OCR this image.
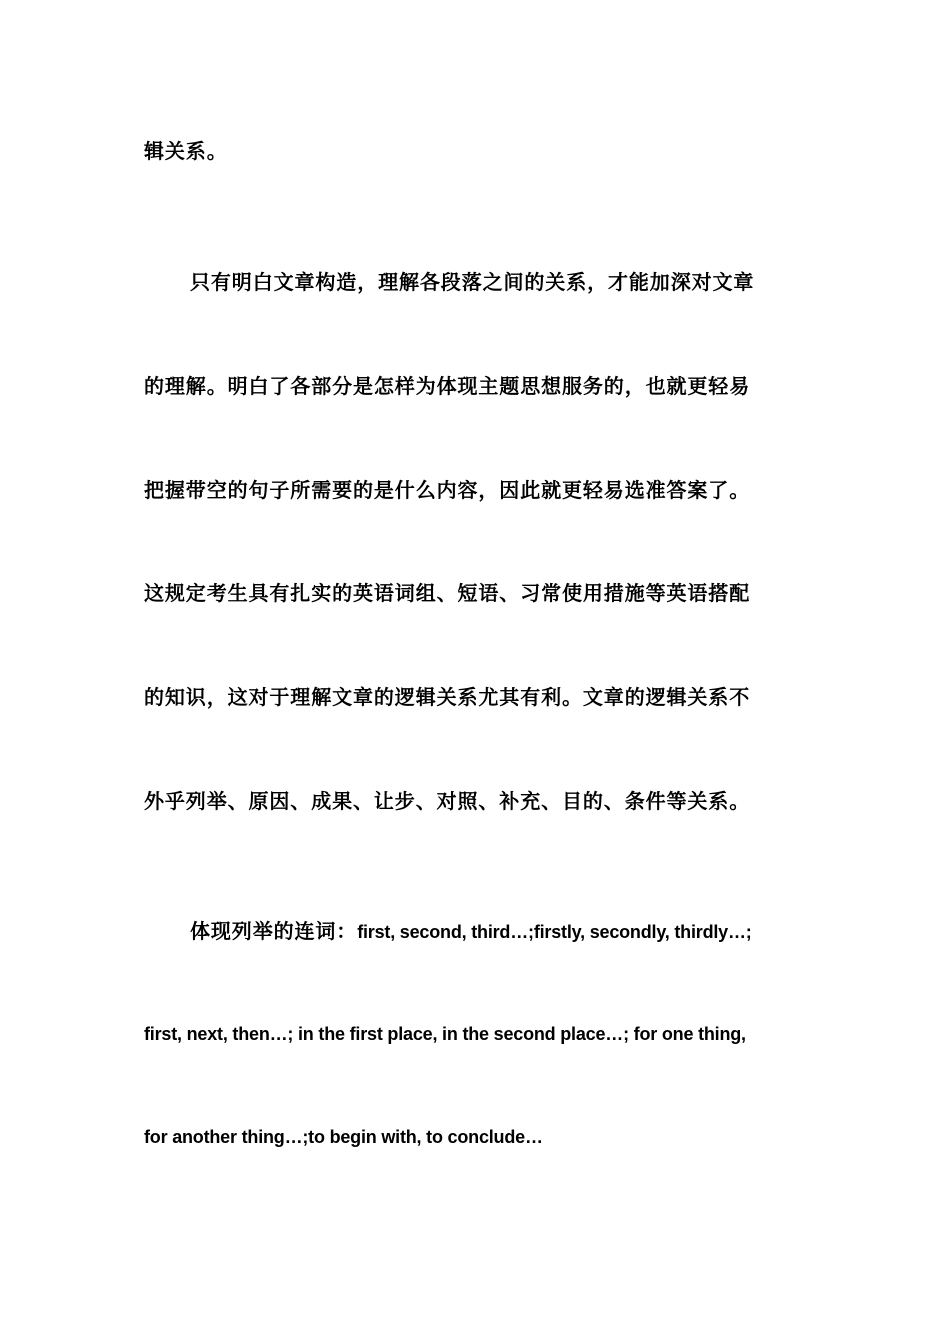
辑关系。
只有明白文章构造，理解各段落之间的关系，才能加深对文章
的理解。明白了各部分是怎样为体现主题思想服务的，也就更轻易
把握带空的句子所需要的是什么内容，因此就更轻易选准答案了。
这规定考生具有扎实的英语词组、短语、习常使用措施等英语搭配
的知识，这对于理解文章的逻辑关系尤其有利。文章的逻辑关系不
外乎列举、原因、成果、让步、对照、补充、目的、条件等关系。
体现列举的连词：first, second, third…;firstly, secondly, thirdly…;
first, next, then…; in the first place, in the second place…; for one thing,
for another thing…;to begin with, to conclude…
